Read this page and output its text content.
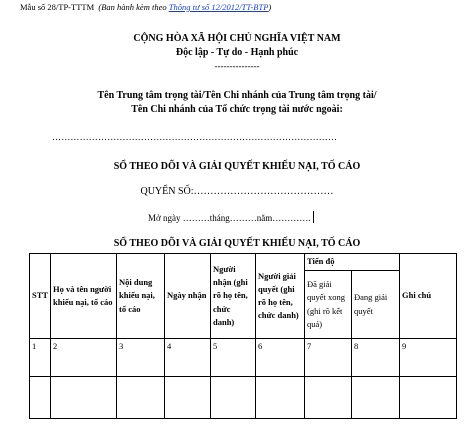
Mẫu số 28/TP-TTTM (Ban hành kèm theo Thông tư số 12/2012/TT-BTP)
CỘNG HÒA XÃ HỘI CHỦ NGHĨA VIỆT NAM
Độc lập - Tự do - Hạnh phúc
---------------
Tên Trung tâm trọng tài/Tên Chi nhánh của Trung tâm trọng tài/
Tên Chi nhánh của Tổ chức trọng tài nước ngoài:
…………………………………………………………………………………
SỔ THEO DÕI VÀ GIẢI QUYẾT KHIẾU NẠI, TỐ CÁO
QUYỂN SỐ:……………………………………
Mở ngày ………tháng………năm………….
SỔ THEO DÕI VÀ GIẢI QUYẾT KHIẾU NẠI, TỐ CÁO
STT	Họ và tên người khiếu nại, tố cáo	Nội dung khiếu nại, tố cáo	Ngày nhận	Người nhận (ghi rõ họ tên, chức danh)	Người giải quyết (ghi rõ họ tên, chức danh)	Tiến độ		Ghi chú
						Đã giải quyết xong (ghi rõ kết quả)	Đang giải quyết	
1	2	3	4	5	6	7	8	9
